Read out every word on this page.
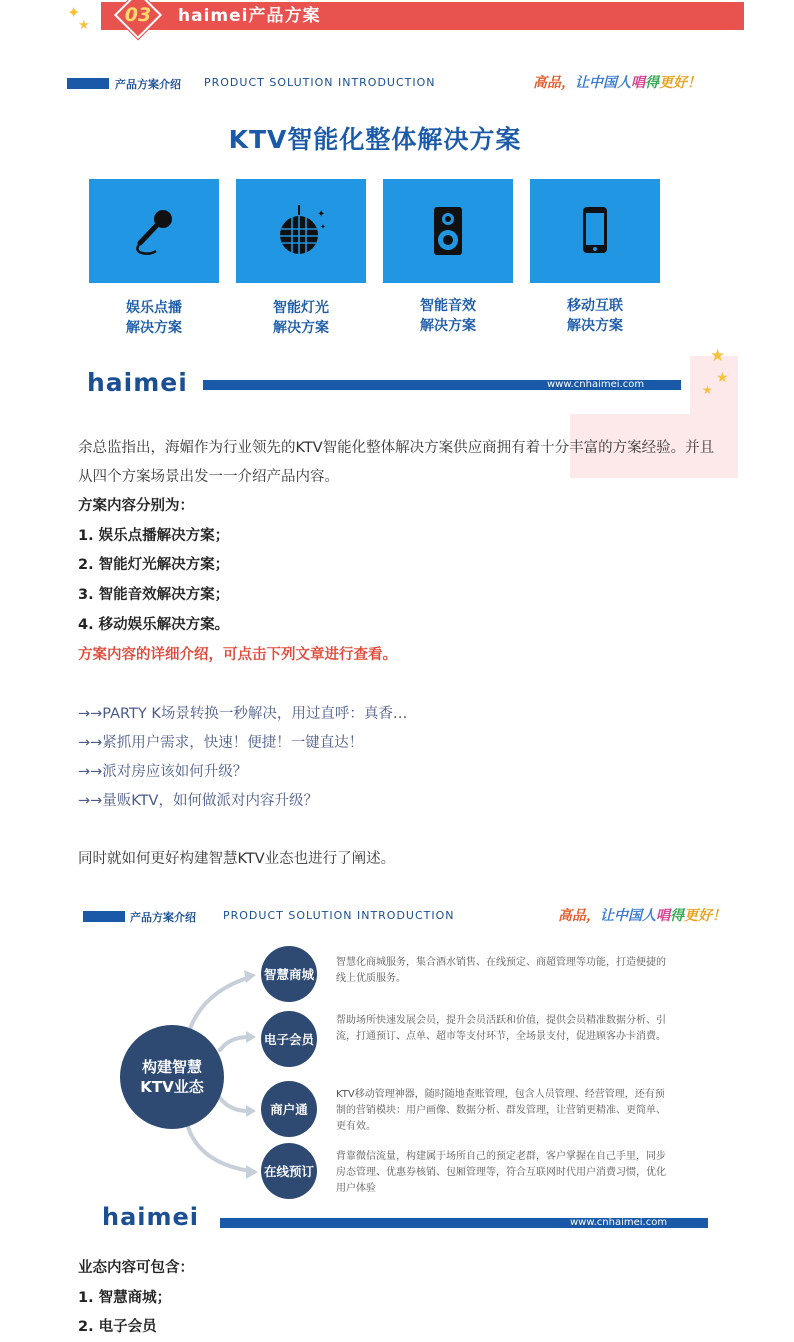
✦
★	03	haimei产品方案
产品方案介绍 PRODUCT SOLUTION INTRODUCTION	高品，让中国人唱得更好！
KTV智能化整体解决方案
✦
✦
娱乐点播
解决方案
智能灯光
解决方案
智能音效
解决方案
移动互联
解决方案
haimei	www.cnhaimei.com
★
★
★
余总监指出，海媚作为行业领先的KTV智能化整体解决方案供应商拥有着十分丰富的方案经验。并且从四个方案场景出发一一介绍产品内容。
方案内容分别为：
1. 娱乐点播解决方案；
2. 智能灯光解决方案；
3. 智能音效解决方案；
4. 移动娱乐解决方案。
方案内容的详细介绍，可点击下列文章进行查看。
→→PARTY K场景转换一秒解决，用过直呼：真香…
→→紧抓用户需求，快速！便捷！一键直达！
→→派对房应该如何升级？
→→量贩KTV，如何做派对内容升级？
同时就如何更好构建智慧KTV业态也进行了阐述。
产品方案介绍 PRODUCT SOLUTION INTRODUCTION	高品，让中国人唱得更好！
构建智慧
KTV业态
智慧商城
电子会员
商户通
在线预订
智慧化商城服务，集合酒水销售、在线预定、商超管理等功能，打造便捷的线上优质服务。
帮助场所快速发展会员，提升会员活跃和价值，提供会员精准数据分析、引流，打通预订、点单、超市等支付环节，全场景支付，促进顾客办卡消费。
KTV移动管理神器，随时随地查账管理，包含人员管理、经营管理，还有预制的营销模块：用户画像、数据分析、群发管理，让营销更精准、更简单、更有效。
背靠微信流量，构建属于场所自己的预定老群，客户掌握在自己手里，同步房态管理、优惠券核销、包厢管理等，符合互联网时代用户消费习惯，优化用户体验
haimei	www.cnhaimei.com
业态内容可包含：
1. 智慧商城；
2. 电子会员
